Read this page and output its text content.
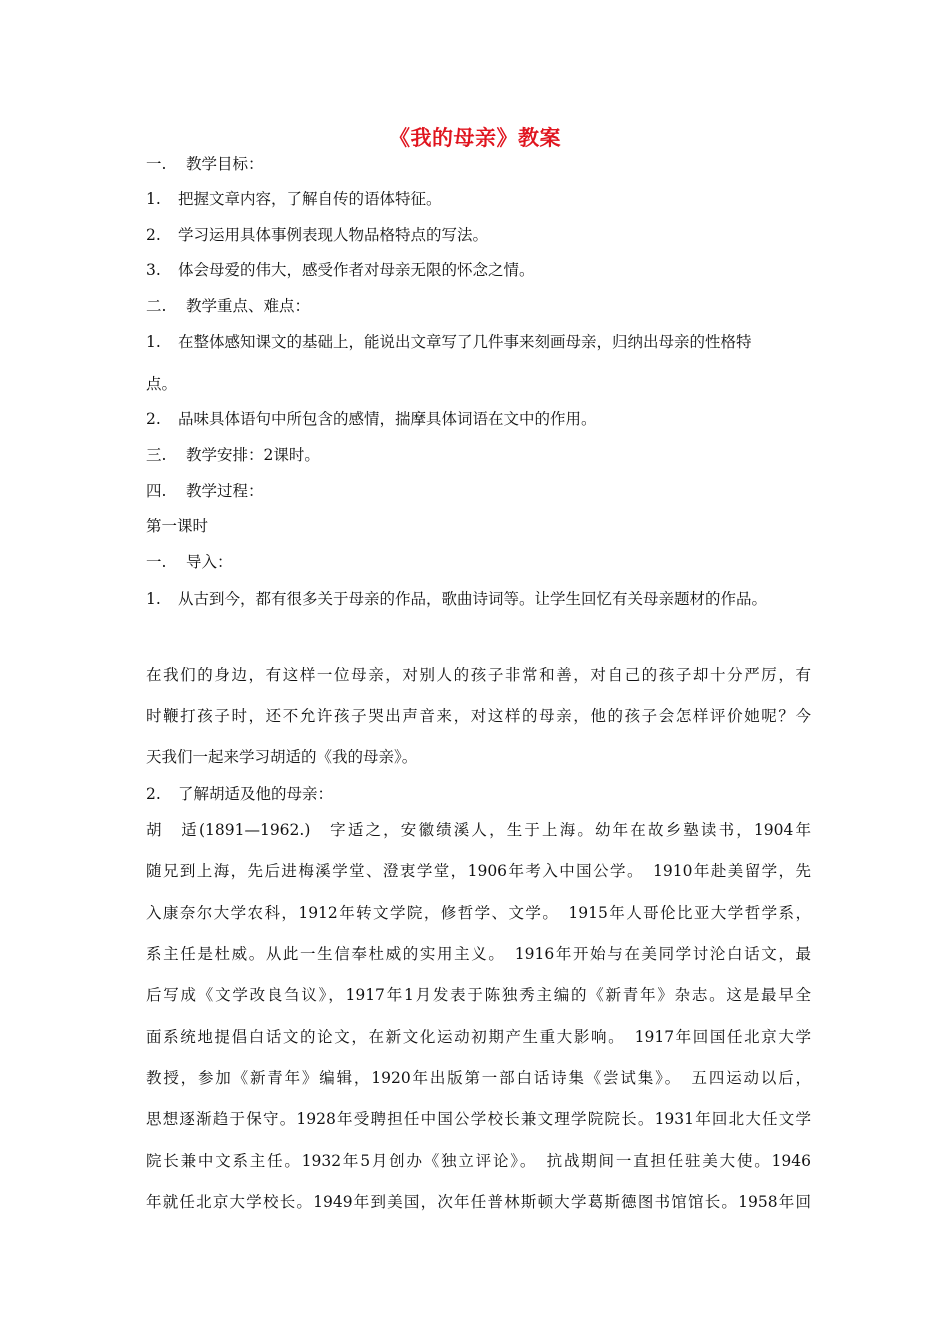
《我的母亲》教案
一. 教学目标：
1. 把握文章内容，了解自传的语体特征。
2. 学习运用具体事例表现人物品格特点的写法。
3. 体会母爱的伟大，感受作者对母亲无限的怀念之情。
二. 教学重点、难点：
1. 在整体感知课文的基础上，能说出文章写了几件事来刻画母亲，归纳出母亲的性格特
点。
2. 品味具体语句中所包含的感情，揣摩具体词语在文中的作用。
三. 教学安排：2课时。
四. 教学过程：
第一课时
一. 导入：
1. 从古到今，都有很多关于母亲的作品，歌曲诗词等。让学生回忆有关母亲题材的作品。
在我们的身边，有这样一位母亲，对别人的孩子非常和善，对自己的孩子却十分严厉，有
时鞭打孩子时，还不允许孩子哭出声音来，对这样的母亲，他的孩子会怎样评价她呢？今
天我们一起来学习胡适的《我的母亲》。
2. 了解胡适及他的母亲：
胡　适(1891—1962.)　字适之，安徽绩溪人，生于上海。幼年在故乡塾读书，1904年
随兄到上海，先后进梅溪学堂、澄衷学堂，1906年考入中国公学。　1910年赴美留学，先
入康奈尔大学农科，1912年转文学院，修哲学、文学。　1915年人哥伦比亚大学哲学系，
系主任是杜威。从此一生信奉杜威的实用主义。　1916年开始与在美同学讨沦白话文，最
后写成《文学改良刍议》，1917年1月发表于陈独秀主编的《新青年》杂志。这是最早全
面系统地提倡白话文的论文，在新文化运动初期产生重大影响。　1917年回国任北京大学
教授，参加《新青年》编辑，1920年出版第一部白话诗集《尝试集》。　五四运动以后，
思想逐渐趋于保守。1928年受聘担任中国公学校长兼文理学院院长。1931年回北大任文学
院长兼中文系主任。1932年5月创办《独立评论》。　抗战期间一直担任驻美大使。1946
年就任北京大学校长。1949年到美国，次年任普林斯顿大学葛斯德图书馆馆长。1958年回
